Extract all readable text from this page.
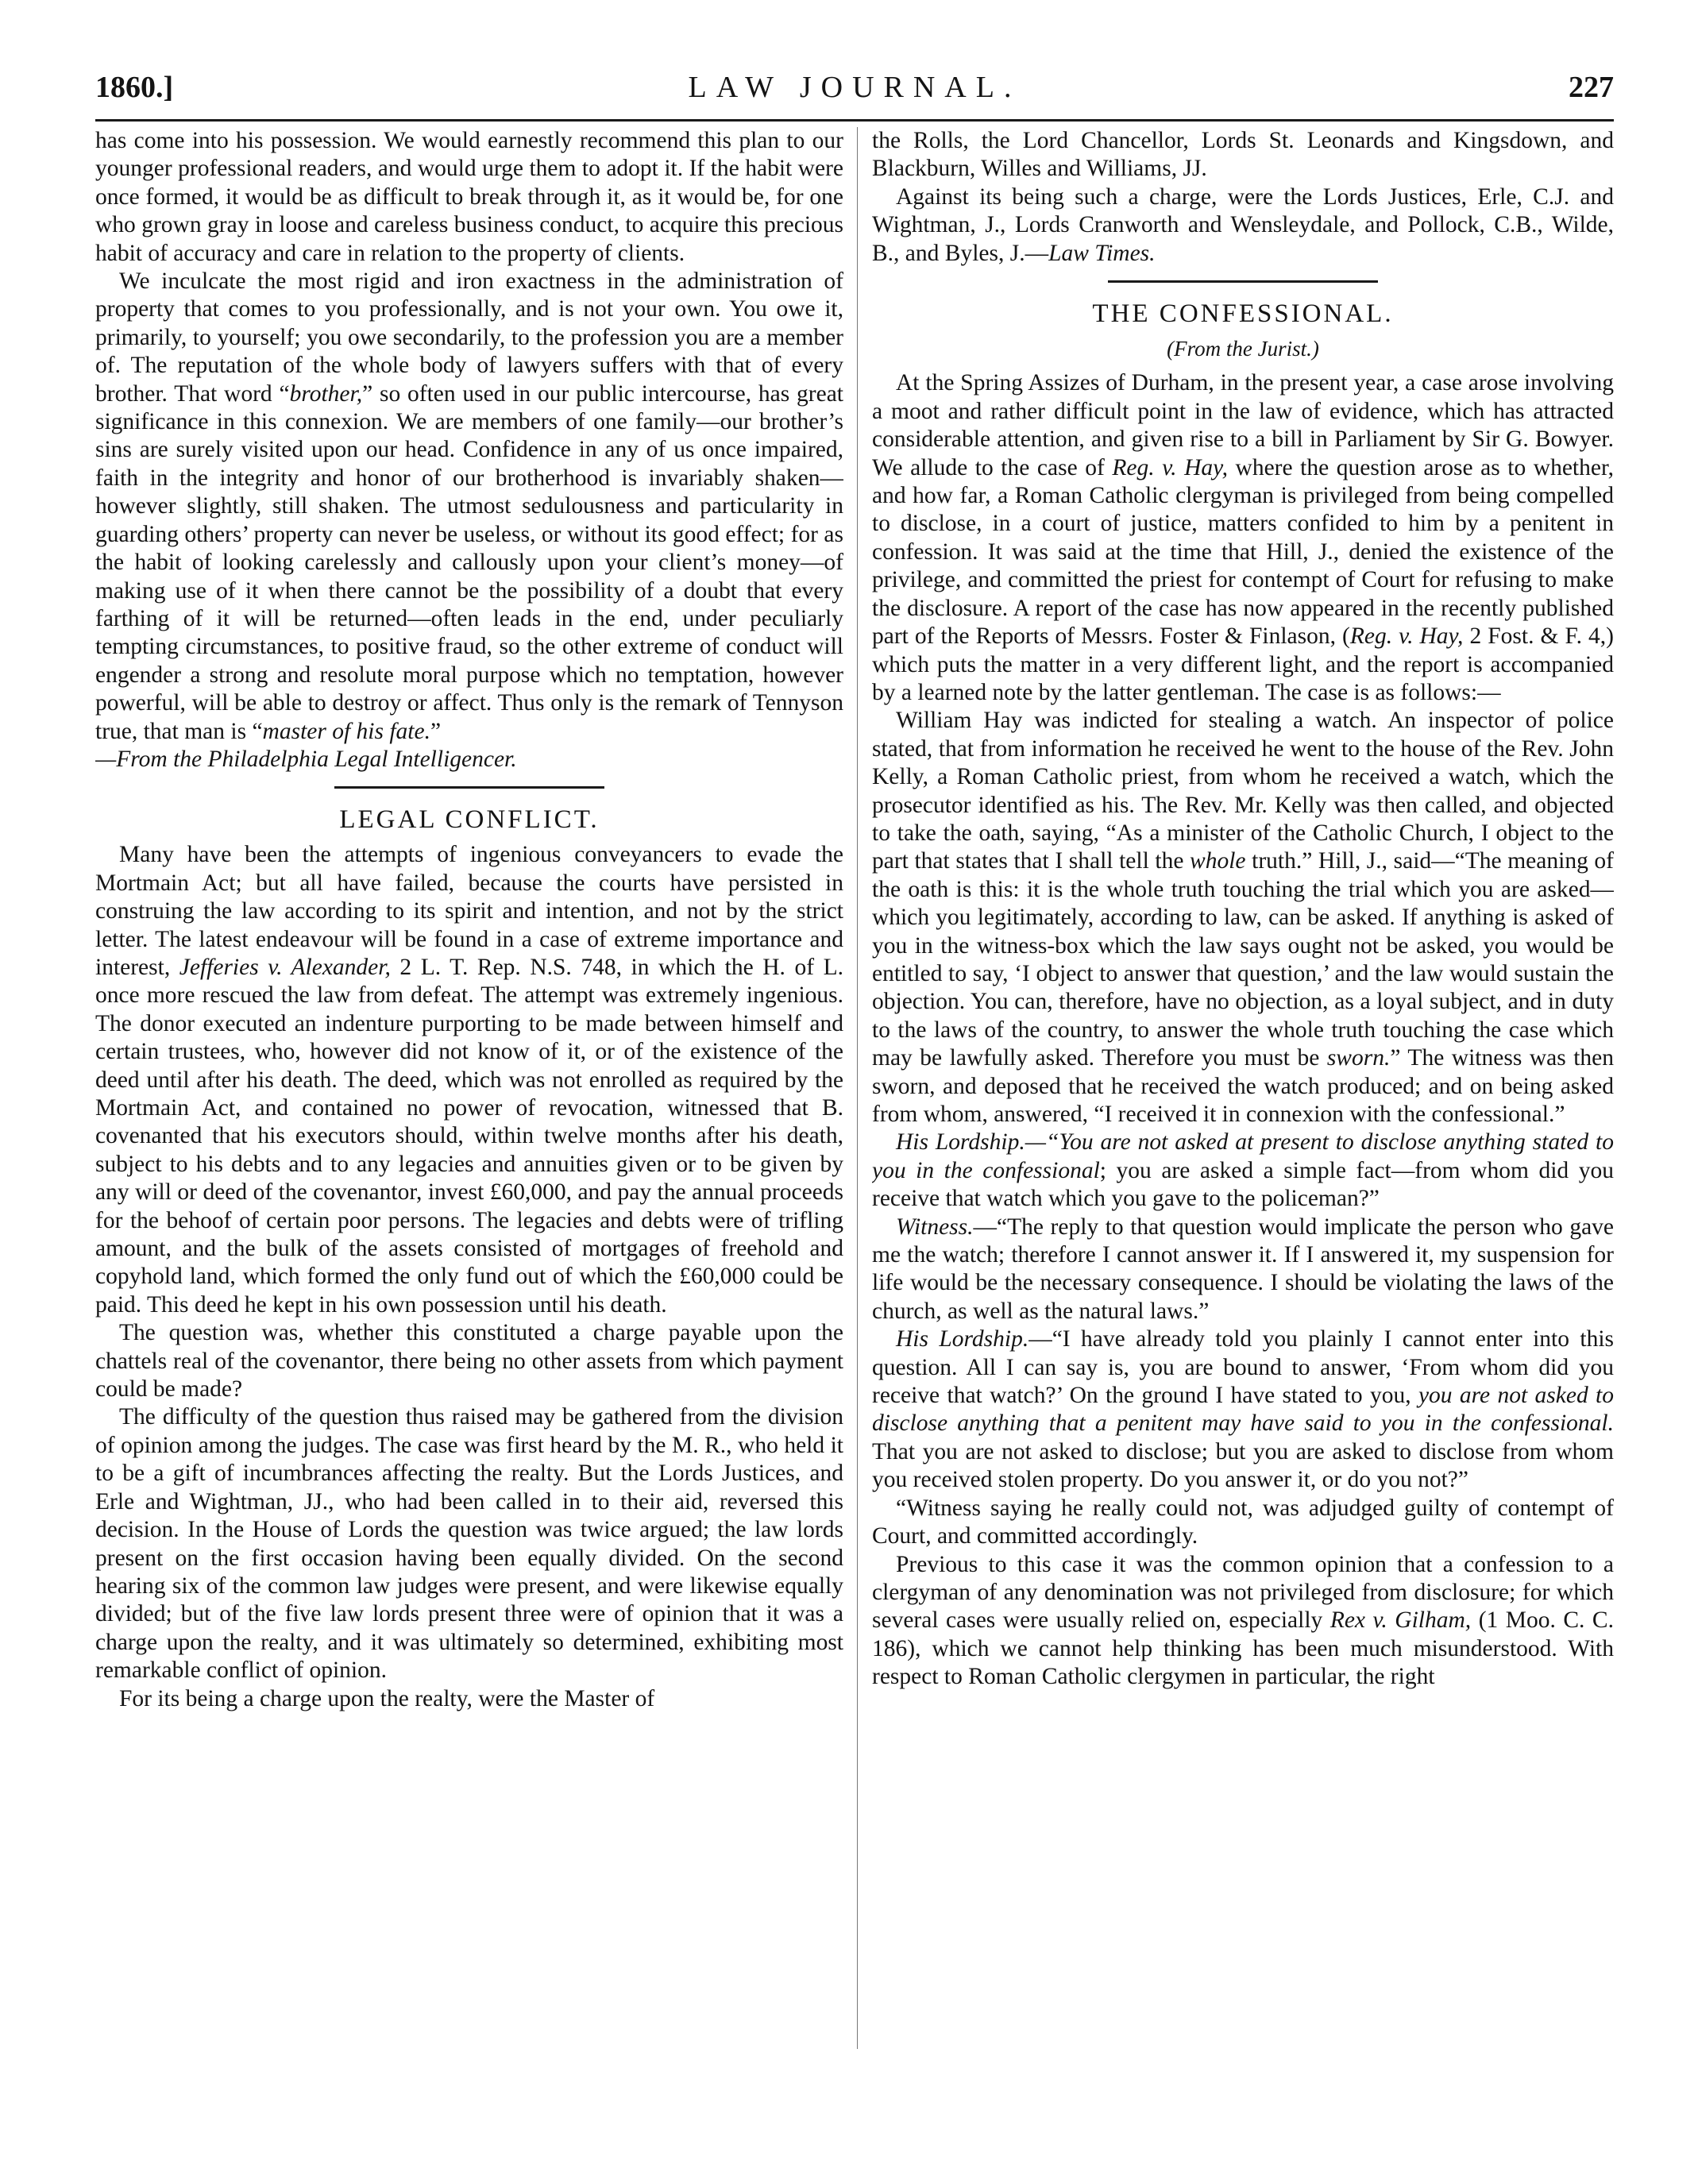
1860.]	LAW JOURNAL.	227

has come into his possession. We would earnestly recommend this plan to our younger professional readers, and would urge them to adopt it. If the habit were once formed, it would be as difficult to break through it, as it would be, for one who grown gray in loose and careless business conduct, to acquire this precious habit of accuracy and care in relation to the property of clients.

We inculcate the most rigid and iron exactness in the administration of property that comes to you professionally, and is not your own. You owe it, primarily, to yourself; you owe secondarily, to the profession you are a member of. The reputation of the whole body of lawyers suffers with that of every brother. That word “brother,” so often used in our public intercourse, has great significance in this connexion. We are members of one family—our brother’s sins are surely visited upon our head. Confidence in any of us once impaired, faith in the integrity and honor of our brotherhood is invariably shaken—however slightly, still shaken. The utmost sedulousness and particularity in guarding others’ property can never be useless, or without its good effect; for as the habit of looking carelessly and callously upon your client’s money—of making use of it when there cannot be the possibility of a doubt that every farthing of it will be returned—often leads in the end, under peculiarly tempting circumstances, to positive fraud, so the other extreme of conduct will engender a strong and resolute moral purpose which no temptation, however powerful, will be able to destroy or affect. Thus only is the remark of Tennyson true, that man is “master of his fate.”

—From the Philadelphia Legal Intelligencer.

LEGAL CONFLICT.

Many have been the attempts of ingenious conveyancers to evade the Mortmain Act; but all have failed, because the courts have persisted in construing the law according to its spirit and intention, and not by the strict letter. The latest endeavour will be found in a case of extreme importance and interest, Jefferies v. Alexander, 2 L. T. Rep. N.S. 748, in which the H. of L. once more rescued the law from defeat. The attempt was extremely ingenious. The donor executed an indenture purporting to be made between himself and certain trustees, who, however did not know of it, or of the existence of the deed until after his death. The deed, which was not enrolled as required by the Mortmain Act, and contained no power of revocation, witnessed that B. covenanted that his executors should, within twelve months after his death, subject to his debts and to any legacies and annuities given or to be given by any will or deed of the covenantor, invest £60,000, and pay the annual proceeds for the behoof of certain poor persons. The legacies and debts were of trifling amount, and the bulk of the assets consisted of mortgages of freehold and copyhold land, which formed the only fund out of which the £60,000 could be paid. This deed he kept in his own possession until his death.

The question was, whether this constituted a charge payable upon the chattels real of the covenantor, there being no other assets from which payment could be made?

The difficulty of the question thus raised may be gathered from the division of opinion among the judges. The case was first heard by the M. R., who held it to be a gift of incumbrances affecting the realty. But the Lords Justices, and Erle and Wightman, JJ., who had been called in to their aid, reversed this decision. In the House of Lords the question was twice argued; the law lords present on the first occasion having been equally divided. On the second hearing six of the common law judges were present, and were likewise equally divided; but of the five law lords present three were of opinion that it was a charge upon the realty, and it was ultimately so determined, exhibiting most remarkable conflict of opinion.

For its being a charge upon the realty, were the Master of

the Rolls, the Lord Chancellor, Lords St. Leonards and Kingsdown, and Blackburn, Willes and Williams, JJ.

Against its being such a charge, were the Lords Justices, Erle, C.J. and Wightman, J., Lords Cranworth and Wensleydale, and Pollock, C.B., Wilde, B., and Byles, J.—Law Times.

THE CONFESSIONAL.
(From the Jurist.)

At the Spring Assizes of Durham, in the present year, a case arose involving a moot and rather difficult point in the law of evidence, which has attracted considerable attention, and given rise to a bill in Parliament by Sir G. Bowyer. We allude to the case of Reg. v. Hay, where the question arose as to whether, and how far, a Roman Catholic clergyman is privileged from being compelled to disclose, in a court of justice, matters confided to him by a penitent in confession. It was said at the time that Hill, J., denied the existence of the privilege, and committed the priest for contempt of Court for refusing to make the disclosure. A report of the case has now appeared in the recently published part of the Reports of Messrs. Foster & Finlason, (Reg. v. Hay, 2 Fost. & F. 4,) which puts the matter in a very different light, and the report is accompanied by a learned note by the latter gentleman. The case is as follows:—

William Hay was indicted for stealing a watch. An inspector of police stated, that from information he received he went to the house of the Rev. John Kelly, a Roman Catholic priest, from whom he received a watch, which the prosecutor identified as his. The Rev. Mr. Kelly was then called, and objected to take the oath, saying, “As a minister of the Catholic Church, I object to the part that states that I shall tell the whole truth.” Hill, J., said—“The meaning of the oath is this: it is the whole truth touching the trial which you are asked—which you legitimately, according to law, can be asked. If anything is asked of you in the witness-box which the law says ought not be asked, you would be entitled to say, ‘I object to answer that question,’ and the law would sustain the objection. You can, therefore, have no objection, as a loyal subject, and in duty to the laws of the country, to answer the whole truth touching the case which may be lawfully asked. Therefore you must be sworn.” The witness was then sworn, and deposed that he received the watch produced; and on being asked from whom, answered, “I received it in connexion with the confessional.”

His Lordship.—“You are not asked at present to disclose anything stated to you in the confessional; you are asked a simple fact—from whom did you receive that watch which you gave to the policeman?”

Witness.—“The reply to that question would implicate the person who gave me the watch; therefore I cannot answer it. If I answered it, my suspension for life would be the necessary consequence. I should be violating the laws of the church, as well as the natural laws.”

His Lordship.—“I have already told you plainly I cannot enter into this question. All I can say is, you are bound to answer, ‘From whom did you receive that watch?’ On the ground I have stated to you, you are not asked to disclose anything that a penitent may have said to you in the confessional. That you are not asked to disclose; but you are asked to disclose from whom you received stolen property. Do you answer it, or do you not?”

“Witness saying he really could not, was adjudged guilty of contempt of Court, and committed accordingly.

Previous to this case it was the common opinion that a confession to a clergyman of any denomination was not privileged from disclosure; for which several cases were usually relied on, especially Rex v. Gilham, (1 Moo. C. C. 186), which we cannot help thinking has been much misunderstood. With respect to Roman Catholic clergymen in particular, the right
